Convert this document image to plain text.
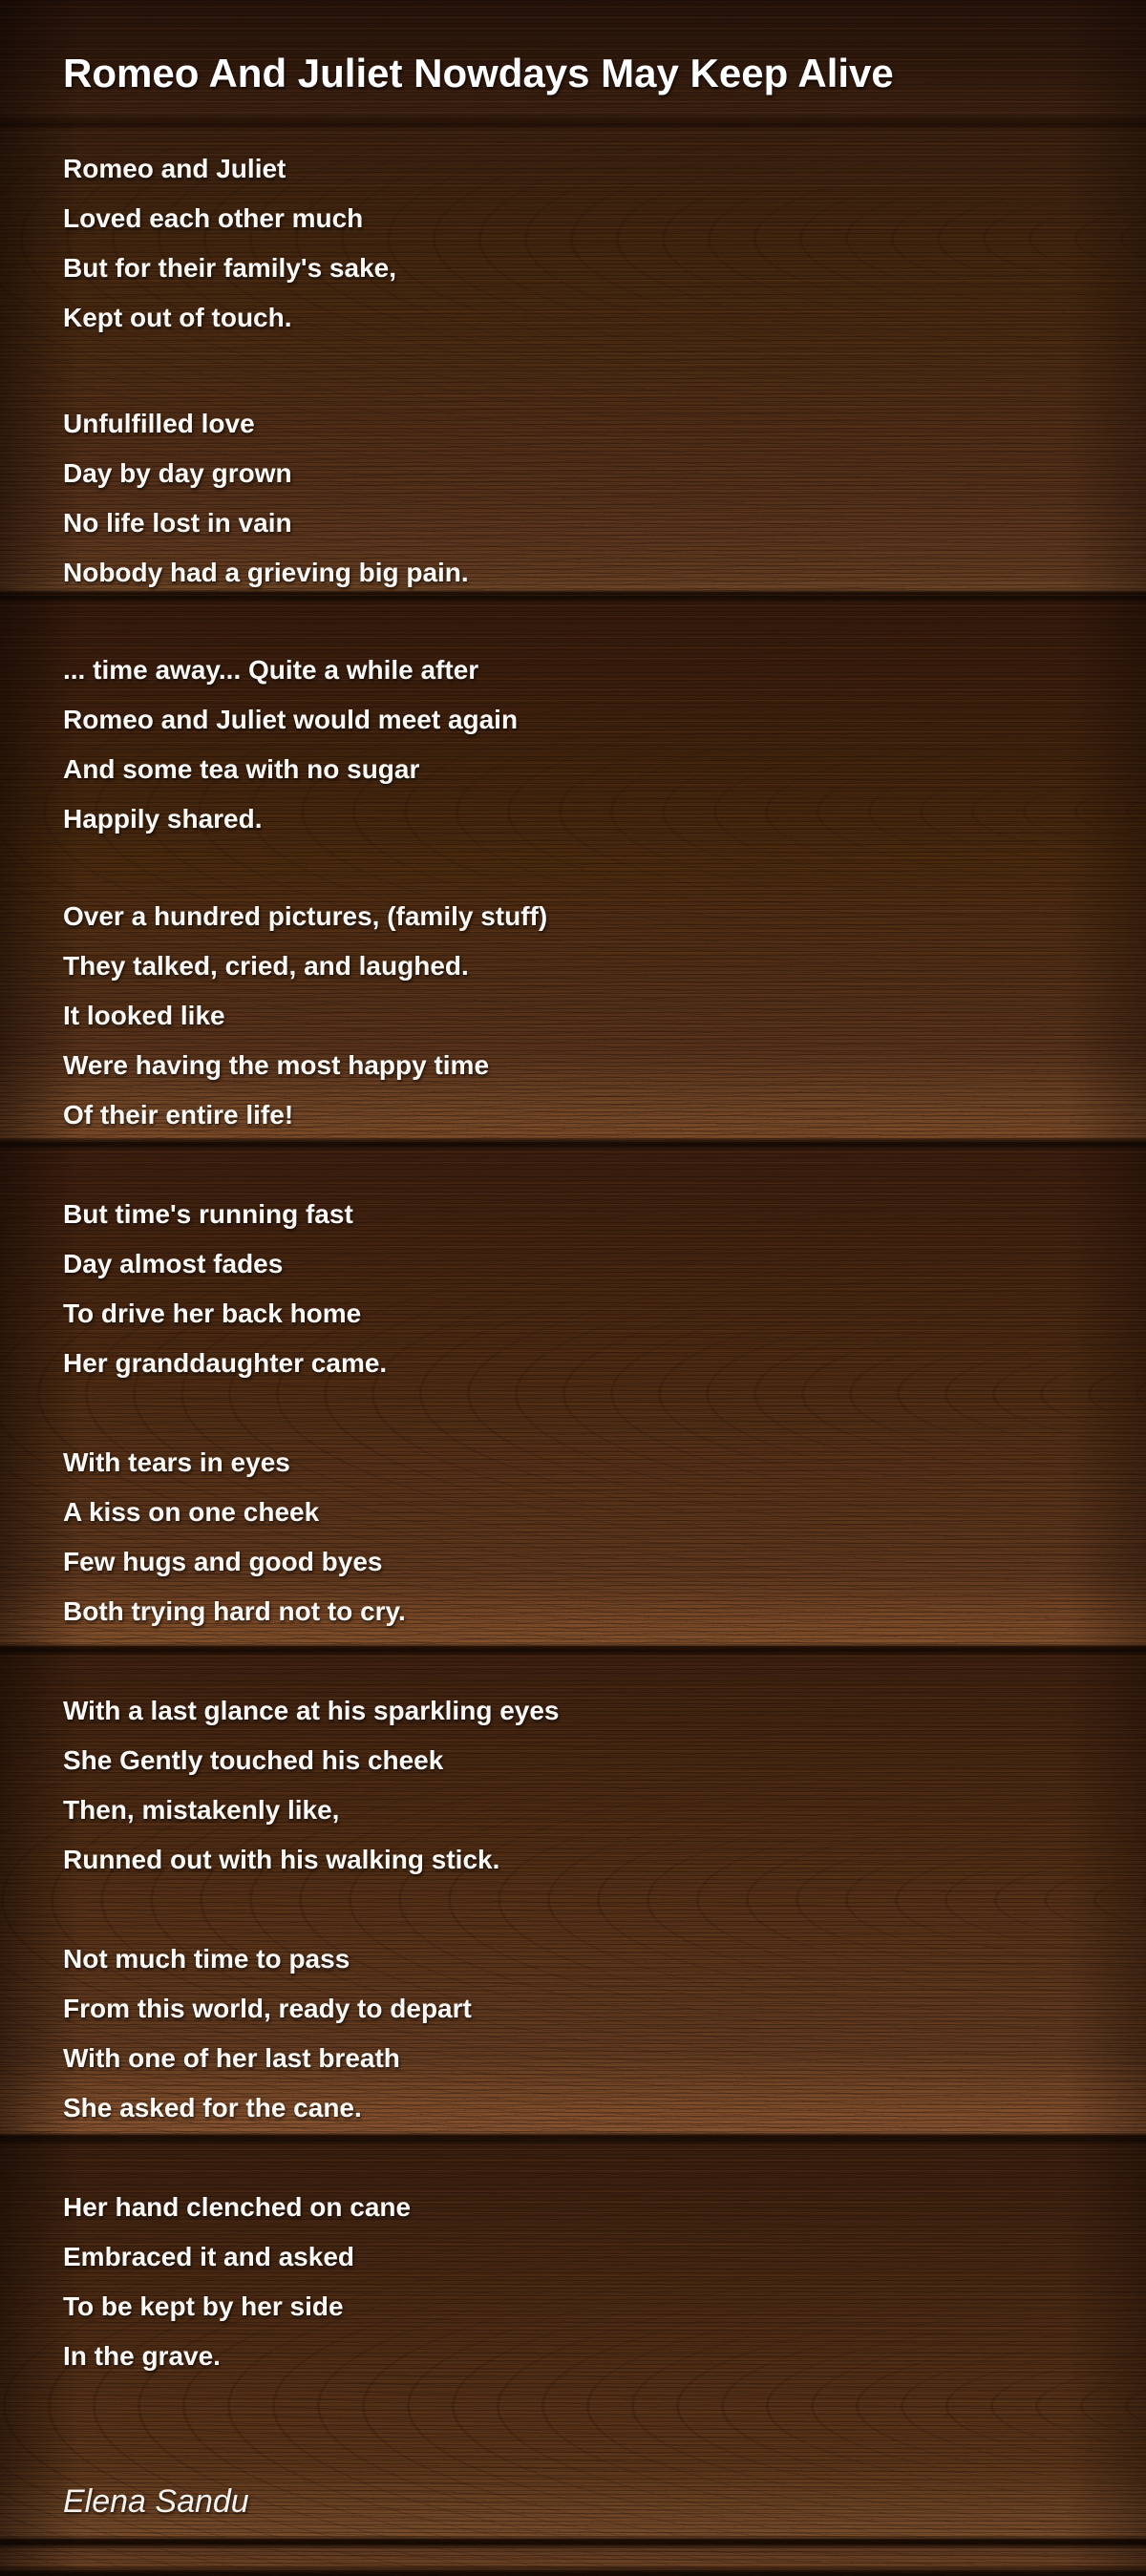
Romeo And Juliet Nowdays May Keep Alive
Romeo and Juliet
Loved each other much
But for their family's sake,
Kept out of touch.
Unfulfilled love
Day by day grown
No life lost in vain
Nobody had a grieving big pain.
... time away... Quite a while after
Romeo and Juliet would meet again
And some tea with no sugar
Happily shared.
Over a hundred pictures, (family stuff)
They talked, cried, and laughed.
It looked like
Were having the most happy time
Of their entire life!
But time's running fast
Day almost fades
To drive her back home
Her granddaughter came.
With tears in eyes
A kiss on one cheek
Few hugs and good byes
Both trying hard not to cry.
With a last glance at his sparkling eyes
She Gently touched his cheek
Then, mistakenly like,
Runned out with his walking stick.
Not much time to pass
From this world, ready to depart
With one of her last breath
She asked for the cane.
Her hand clenched on cane
Embraced it and asked
To be kept by her side
In the grave.
Elena Sandu
